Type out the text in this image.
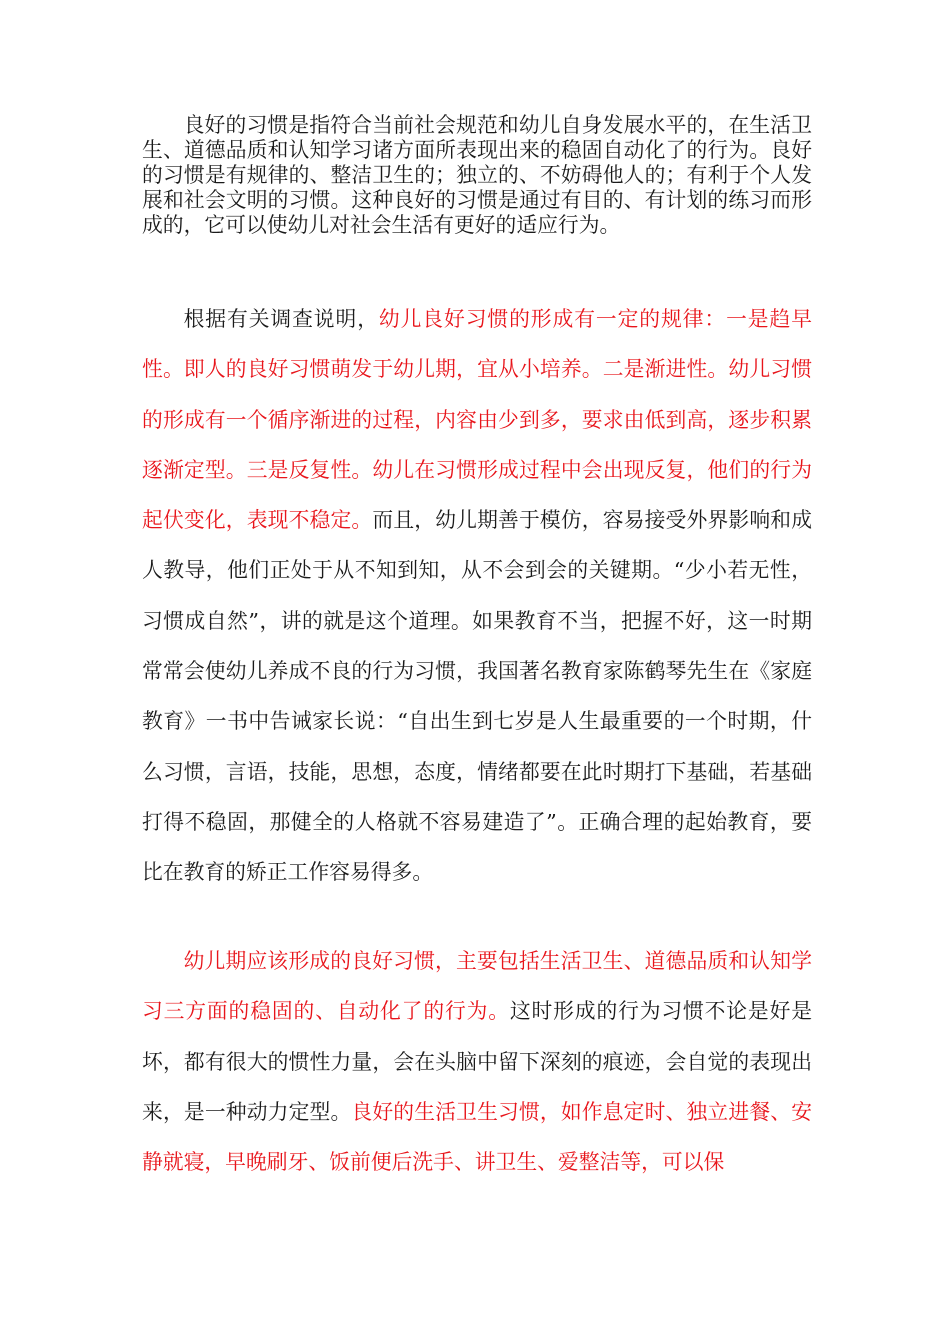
良好的习惯是指符合当前社会规范和幼儿自身发展水平的，在生活卫生、道德品质和认知学习诸方面所表现出来的稳固自动化了的行为。良好的习惯是有规律的、整洁卫生的；独立的、不妨碍他人的；有利于个人发展和社会文明的习惯。这种良好的习惯是通过有目的、有计划的练习而形成的，它可以使幼儿对社会生活有更好的适应行为。

根据有关调查说明，幼儿良好习惯的形成有一定的规律：一是趋早性。即人的良好习惯萌发于幼儿期，宜从小培养。二是渐进性。幼儿习惯的形成有一个循序渐进的过程，内容由少到多，要求由低到高，逐步积累逐渐定型。三是反复性。幼儿在习惯形成过程中会出现反复，他们的行为起伏变化，表现不稳定。而且，幼儿期善于模仿，容易接受外界影响和成人教导，他们正处于从不知到知，从不会到会的关键期。“少小若无性，习惯成自然”，讲的就是这个道理。如果教育不当，把握不好，这一时期常常会使幼儿养成不良的行为习惯，我国著名教育家陈鹤琴先生在《家庭教育》一书中告诫家长说：“自出生到七岁是人生最重要的一个时期，什么习惯，言语，技能，思想，态度，情绪都要在此时期打下基础，若基础打得不稳固，那健全的人格就不容易建造了”。正确合理的起始教育，要比在教育的矫正工作容易得多。

幼儿期应该形成的良好习惯，主要包括生活卫生、道德品质和认知学习三方面的稳固的、自动化了的行为。这时形成的行为习惯不论是好是坏，都有很大的惯性力量，会在头脑中留下深刻的痕迹，会自觉的表现出来，是一种动力定型。良好的生活卫生习惯，如作息定时、独立进餐、安静就寝，早晚刷牙、饭前便后洗手、讲卫生、爱整洁等，可以保
